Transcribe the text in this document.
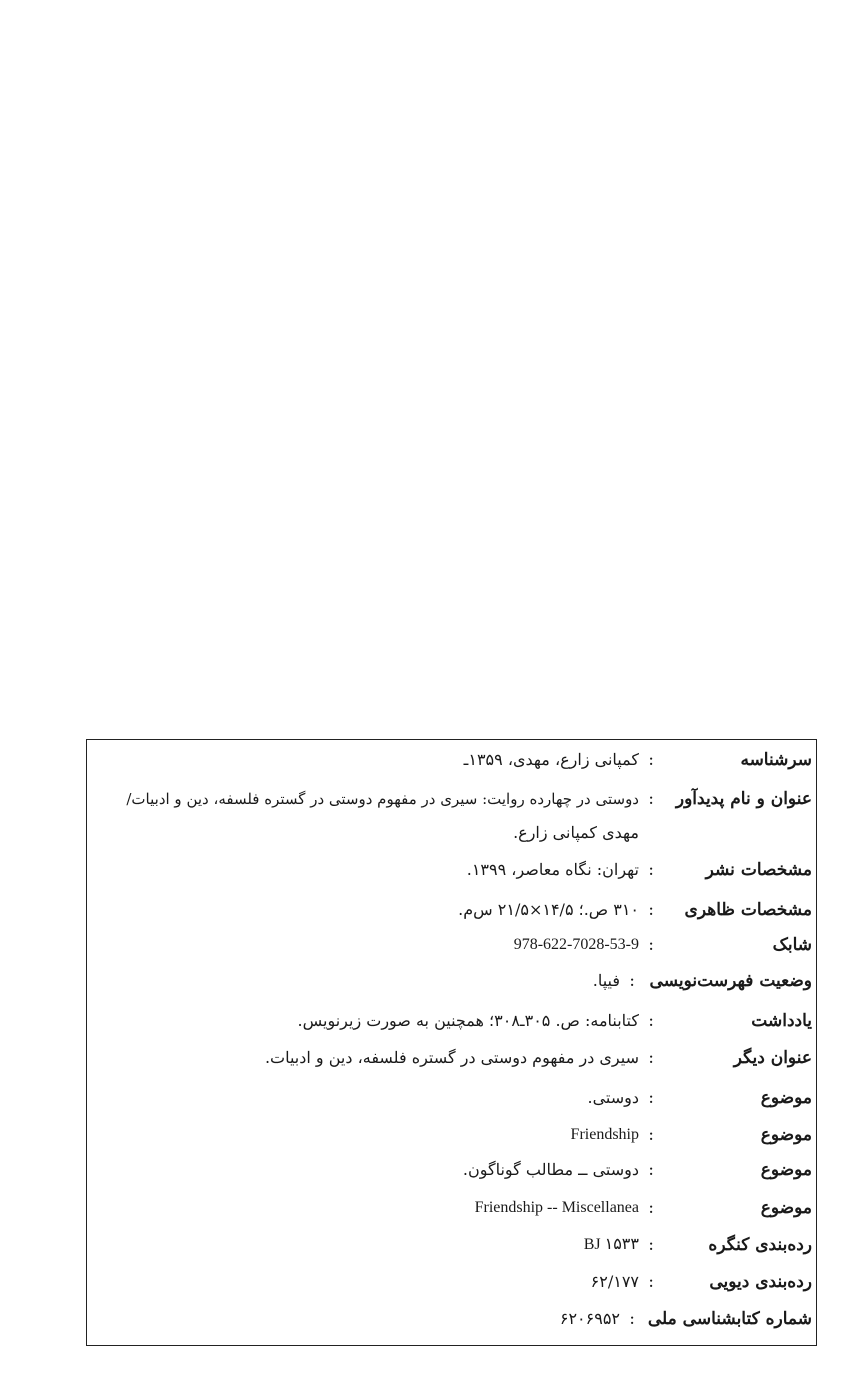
سرشناسه
:
کمپانی زارع، مهدی، ۱۳۵۹ـ
عنوان و نام پدیدآور
:
دوستی در چهارده روایت: سیری در مفهوم دوستی در گستره فلسفه، دین و ادبیات/
مهدی کمپانی زارع.
مشخصات نشر
:
تهران: نگاه معاصر، ۱۳۹۹.
مشخصات ظاهری
:
۳۱۰ ص.؛ ۱۴/۵×۲۱/۵ س‌م.
شابک
:
978-622-7028-53-9
وضعیت فهرست‌نویسی
:
فیپا.
یادداشت
:
کتابنامه: ص. ۳۰۵ـ۳۰۸؛ همچنین به صورت زیرنویس.
عنوان دیگر
:
سیری در مفهوم دوستی در گستره فلسفه، دین و ادبیات.
موضوع
:
دوستی.
موضوع
:
Friendship
موضوع
:
دوستی ــ مطالب گوناگون.
موضوع
:
Friendship -- Miscellanea
رده‌بندی کنگره
:
BJ ۱۵۳۳
رده‌بندی دیویی
:
۶۲/۱۷۷
شماره کتابشناسی ملی
:
۶۲۰۶۹۵۲
